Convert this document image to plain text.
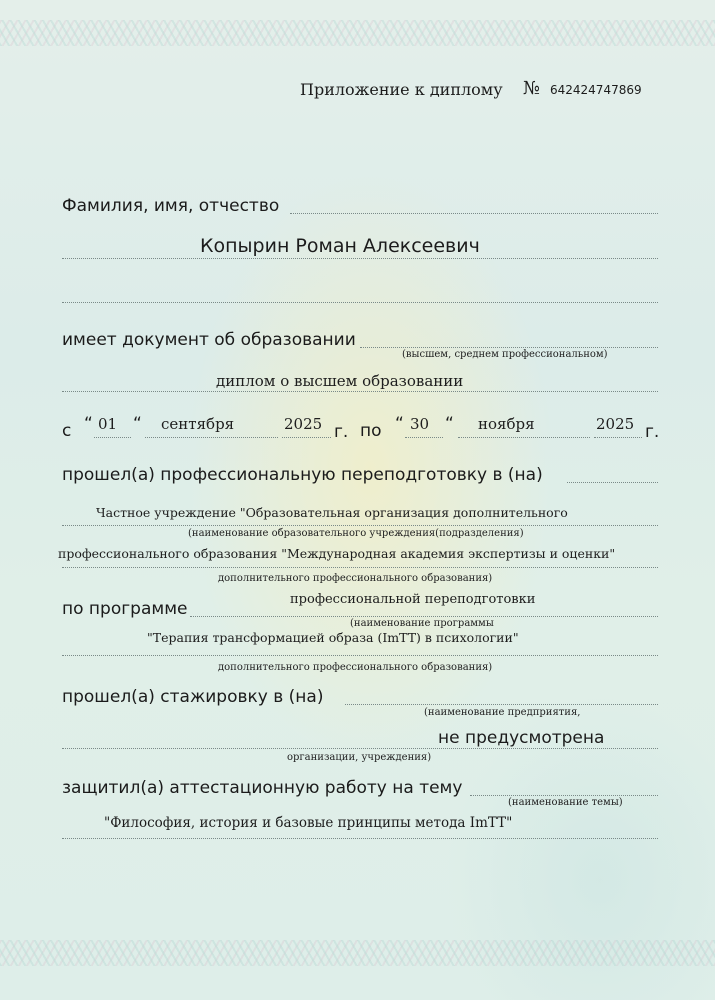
Приложение к диплому № 642424747869
Фамилия, имя, отчество
Копырин Роман Алексеевич
имеет документ об образовании
(высшем, среднем профессиональном)
диплом о высшем образовании
с “ 01 “ сентября	2025 г. по “ 30 “ ноября	2025 г.
прошел(а) профессиональную переподготовку в (на)
Частное учреждение "Образовательная организация дополнительного
(наименование образовательного учреждения(подразделения)
профессионального образования "Международная академия экспертизы и оценки"
дополнительного профессионального образования)
по программе	профессиональной переподготовки
(наименование программы
"Терапия трансформацией образа (ImTT) в психологии"
дополнительного профессионального образования)
прошел(а) стажировку в (на)
(наименование предприятия,
не предусмотрена
организации, учреждения)
защитил(а) аттестационную работу на тему
(наименование темы)
"Философия, история и базовые принципы метода ImTT"
